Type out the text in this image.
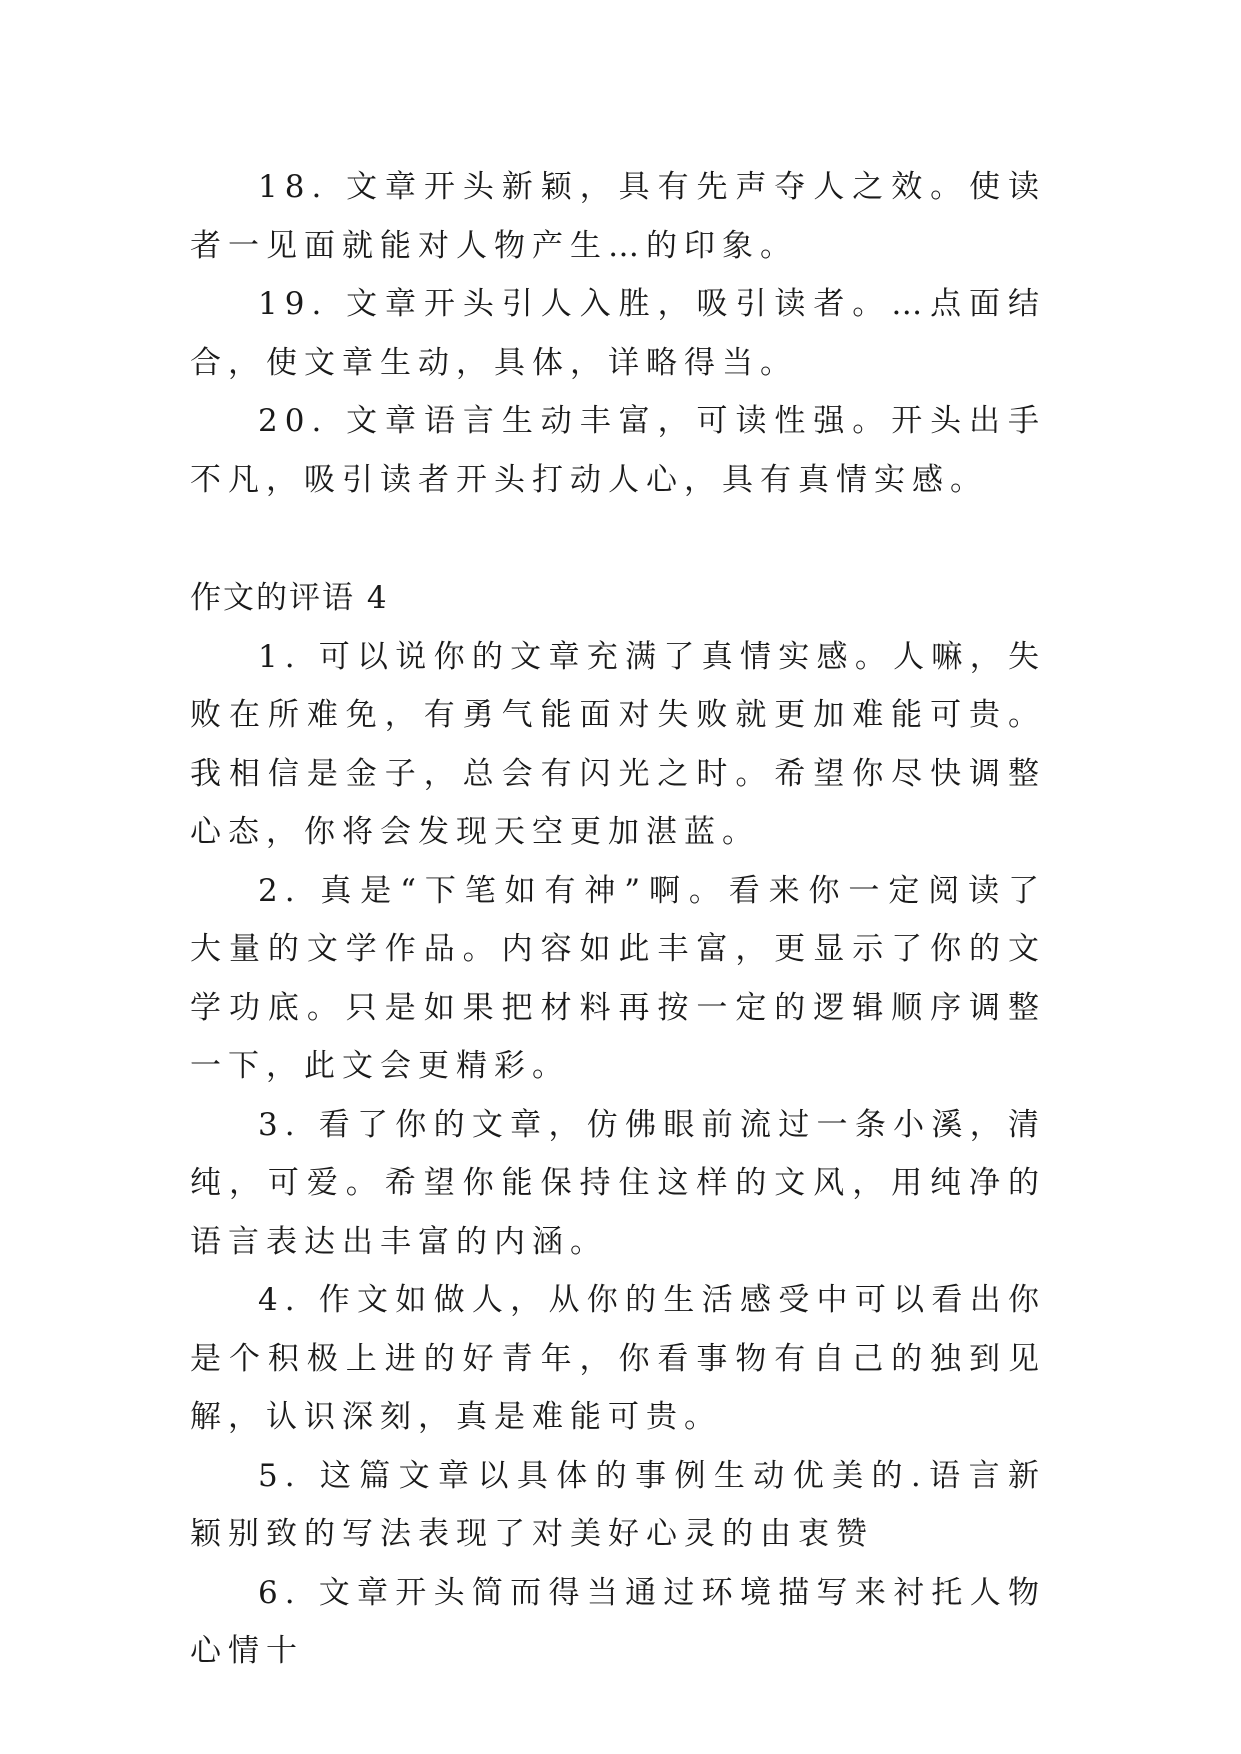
18. 文章开头新颖，具有先声夺人之效。使读者一见面就能对人物产生…的印象。

19. 文章开头引人入胜，吸引读者。…点面结合，使文章生动，具体，详略得当。

20. 文章语言生动丰富，可读性强。开头出手不凡，吸引读者开头打动人心，具有真情实感。

作文的评语 4

1. 可以说你的文章充满了真情实感。人嘛，失败在所难免，有勇气能面对失败就更加难能可贵。我相信是金子，总会有闪光之时。希望你尽快调整心态，你将会发现天空更加湛蓝。

2. 真是“下笔如有神”啊。看来你一定阅读了大量的文学作品。内容如此丰富，更显示了你的文学功底。只是如果把材料再按一定的逻辑顺序调整一下，此文会更精彩。

3. 看了你的文章，仿佛眼前流过一条小溪，清纯，可爱。希望你能保持住这样的文风，用纯净的语言表达出丰富的内涵。

4. 作文如做人，从你的生活感受中可以看出你是个积极上进的好青年，你看事物有自己的独到见解，认识深刻，真是难能可贵。

5. 这篇文章以具体的事例生动优美的.语言新颖别致的写法表现了对美好心灵的由衷赞

6. 文章开头简而得当通过环境描写来衬托人物心情十
